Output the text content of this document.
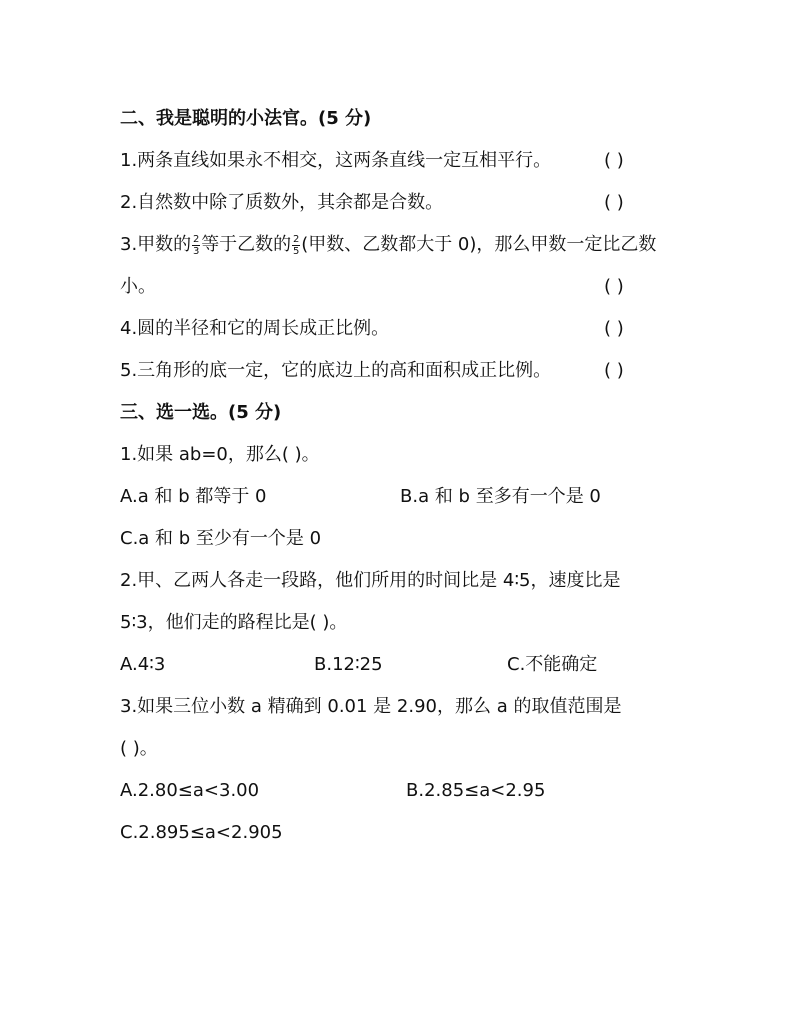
二、我是聪明的小法官。(5 分)
1.两条直线如果永不相交，这两条直线一定互相平行。	( )
2.自然数中除了质数外，其余都是合数。	( )
3.甲数的 $\frac{2}{3}$ 等于乙数的 $\frac{2}{5}$ (甲数、乙数都大于 0)，那么甲数一定比乙数
小。	( )
4.圆的半径和它的周长成正比例。	( )
5.三角形的底一定，它的底边上的高和面积成正比例。	( )
三、选一选。(5 分)
1.如果 ab=0，那么( )。
A.a 和 b 都等于 0	B.a 和 b 至多有一个是 0
C.a 和 b 至少有一个是 0
2.甲、乙两人各走一段路，他们所用的时间比是 4∶5，速度比是
5∶3，他们走的路程比是( )。
A.4∶3	B.12∶25	C.不能确定
3.如果三位小数 a 精确到 0.01 是 2.90，那么 a 的取值范围是
( )。
A.2.80≤a<3.00	B.2.85≤a<2.95
C.2.895≤a<2.905
